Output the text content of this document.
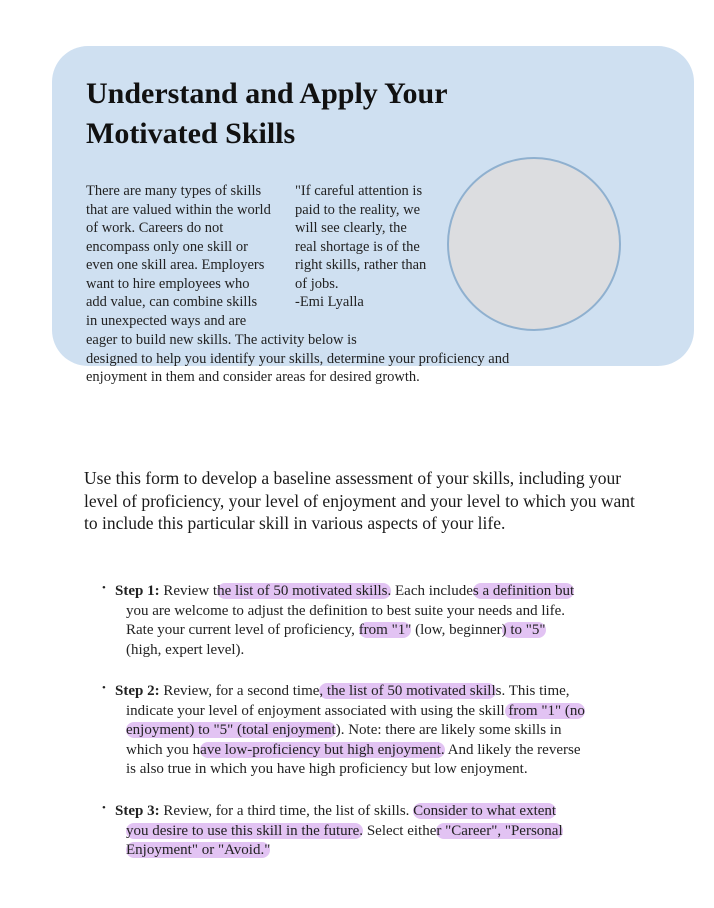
Understand and Apply Your
Motivated Skills
There are many types of skills
that are valued within the world
of work. Careers do not
encompass only one skill or
even one skill area. Employers
want to hire employees who
add value, can combine skills
in unexpected ways and are
"If careful attention is
paid to the reality, we
will see clearly, the
real shortage is of the
right skills, rather than
of jobs.
-Emi Lyalla
eager to build new skills. The activity below is
designed to help you identify your skills, determine your proficiency and
enjoyment in them and consider areas for desired growth.

Use this form to develop a baseline assessment of your skills, including your level of proficiency, your level of enjoyment and your level to which you want to include this particular skill in various aspects of your life.

• Step 1: Review the list of 50 motivated skills. Each includes a definition but
you are welcome to adjust the definition to best suite your needs and life.
Rate your current level of proficiency, from "1" (low, beginner) to "5"
(high, expert level).
• Step 2: Review, for a second time, the list of 50 motivated skills. This time,
indicate your level of enjoyment associated with using the skill from "1" (no
enjoyment) to "5" (total enjoyment). Note: there are likely some skills in
which you have low-proficiency but high enjoyment. And likely the reverse
is also true in which you have high proficiency but low enjoyment.
• Step 3: Review, for a third time, the list of skills. Consider to what extent
you desire to use this skill in the future. Select either "Career", "Personal
Enjoyment" or "Avoid."
